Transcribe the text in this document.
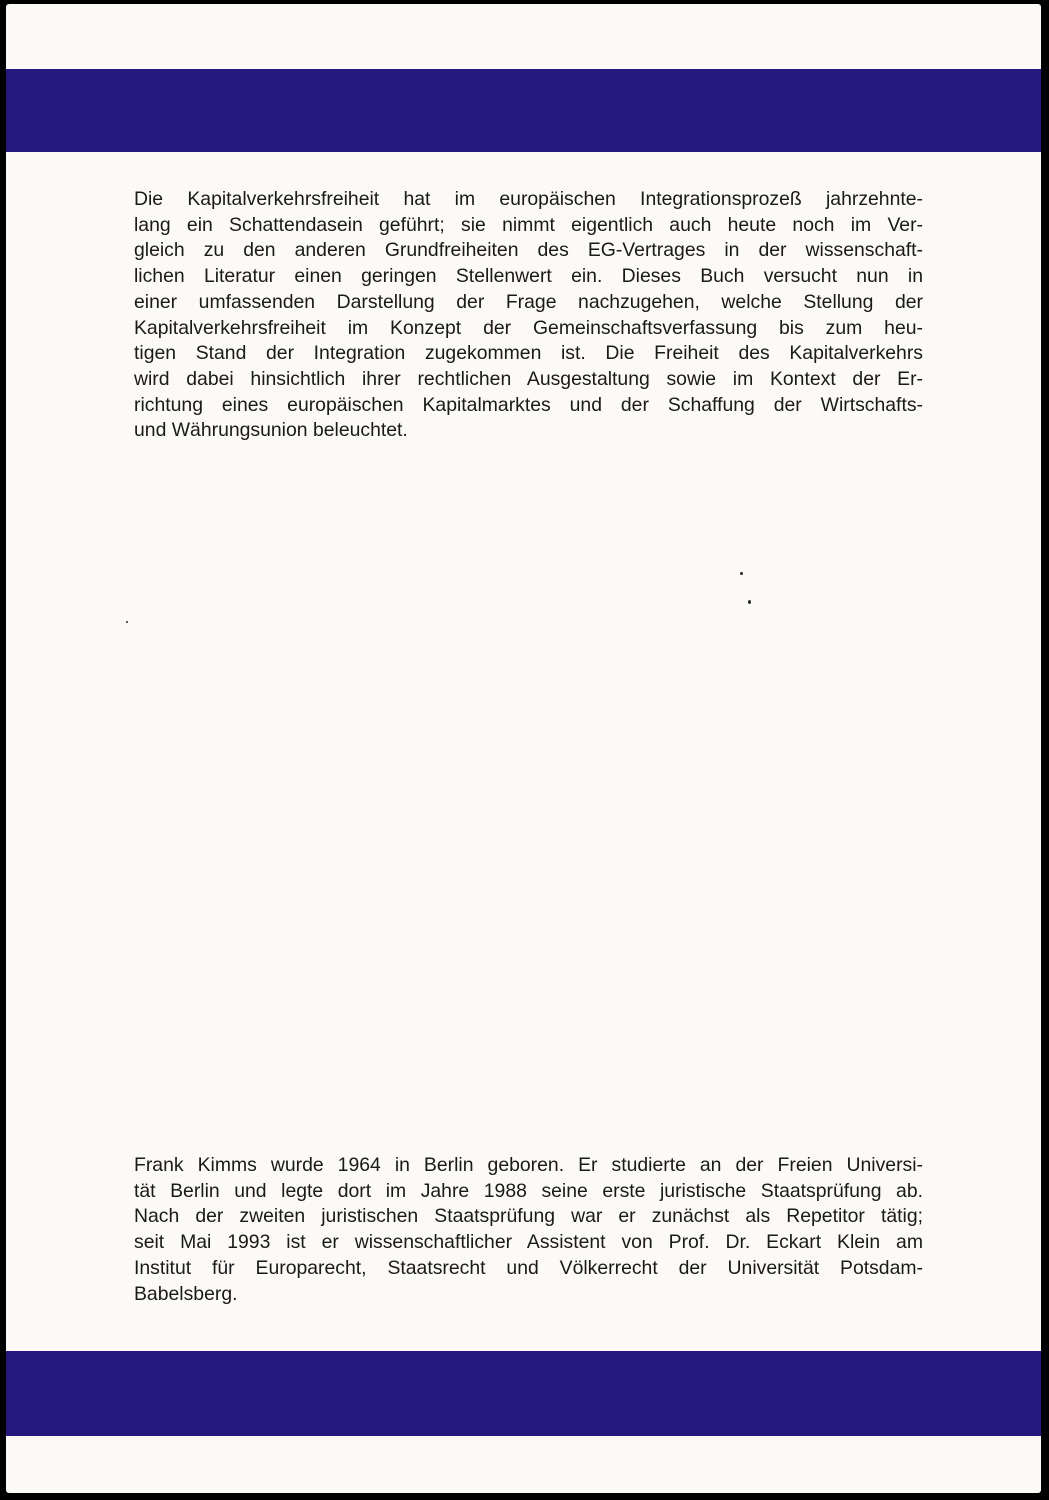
Die Kapitalverkehrsfreiheit hat im europäischen Integrationsprozeß jahrzehnte-
lang ein Schattendasein geführt; sie nimmt eigentlich auch heute noch im Ver-
gleich zu den anderen Grundfreiheiten des EG-Vertrages in der wissenschaft-
lichen Literatur einen geringen Stellenwert ein. Dieses Buch versucht nun in
einer umfassenden Darstellung der Frage nachzugehen, welche Stellung der
Kapitalverkehrsfreiheit im Konzept der Gemeinschaftsverfassung bis zum heu-
tigen Stand der Integration zugekommen ist. Die Freiheit des Kapitalverkehrs
wird dabei hinsichtlich ihrer rechtlichen Ausgestaltung sowie im Kontext der Er-
richtung eines europäischen Kapitalmarktes und der Schaffung der Wirtschafts-
und Währungsunion beleuchtet.
Frank Kimms wurde 1964 in Berlin geboren. Er studierte an der Freien Universi-
tät Berlin und legte dort im Jahre 1988 seine erste juristische Staatsprüfung ab.
Nach der zweiten juristischen Staatsprüfung war er zunächst als Repetitor tätig;
seit Mai 1993 ist er wissenschaftlicher Assistent von Prof. Dr. Eckart Klein am
Institut für Europarecht, Staatsrecht und Völkerrecht der Universität Potsdam-
Babelsberg.
